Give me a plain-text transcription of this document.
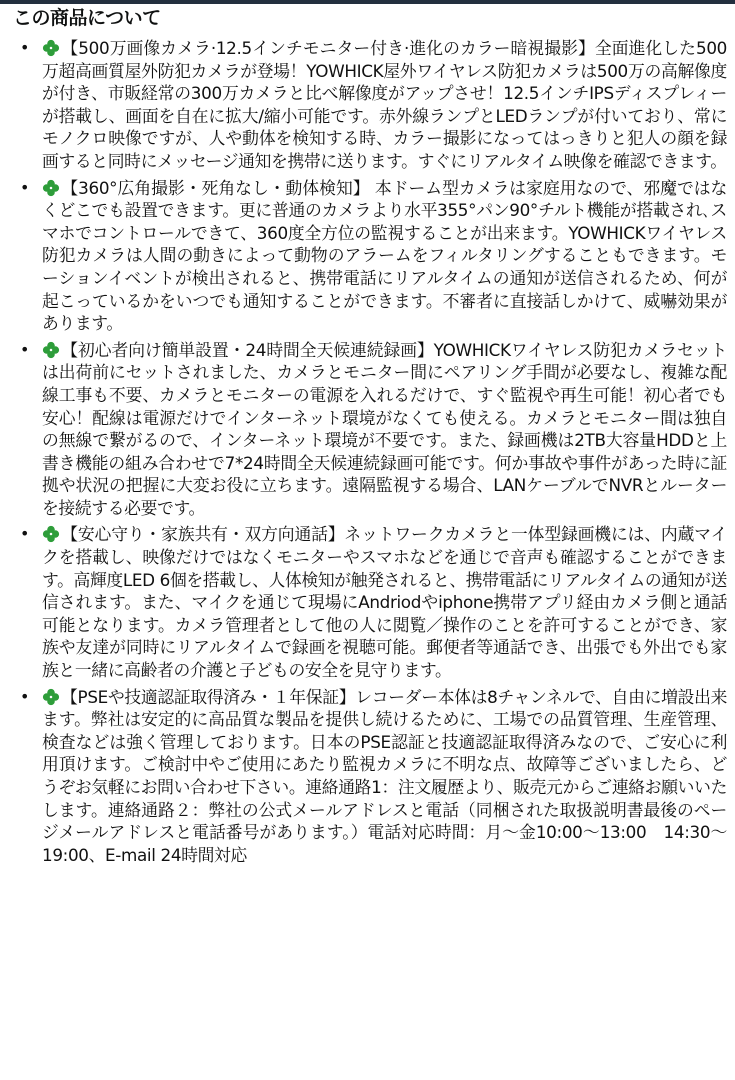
この商品について
• 【500万画像カメラ·12.5インチモニター付き·進化のカラー暗視撮影】全面進化した500万超高画質屋外防犯カメラが登場！YOWHICK屋外ワイヤレス防犯カメラは500万の高解像度が付き、市販経常の300万カメラと比べ解像度がアップさせ！12.5インチIPSディスプレィーが搭載し、画面を自在に拡大/縮小可能です。赤外線ランプとLEDランプが付いており、常にモノクロ映像ですが、人や動体を検知する時、カラー撮影になってはっきりと犯人の顔を録画すると同時にメッセージ通知を携帯に送ります。すぐにリアルタイム映像を確認できます。
• 【360°広角撮影・死角なし・動体検知】 本ドーム型カメラは家庭用なので、邪魔ではなくどこでも設置できます。更に普通のカメラより水平355°パン90°チルト機能が搭載され､スマホでコントロールできて、360度全方位の監視することが出来ます。YOWHICKワイヤレス防犯カメラは人間の動きによって動物のアラームをフィルタリングすることもできます。モーションイベントが検出されると、携帯電話にリアルタイムの通知が送信されるため、何が起こっているかをいつでも通知することができます。不審者に直接話しかけて、威嚇効果があります。
• 【初心者向け簡単設置・24時間全天候連続録画】YOWHICKワイヤレス防犯カメラセットは出荷前にセットされました、カメラとモニター間にペアリング手間が必要なし、複雑な配線工事も不要、カメラとモニターの電源を入れるだけで、すぐ監視や再生可能！初心者でも安心！配線は電源だけでインターネット環境がなくても使える。カメラとモニター間は独自の無線で繋がるので、インターネット環境が不要です。また、録画機は2TB大容量HDDと上書き機能の組み合わせで7*24時間全天候連続録画可能です。何か事故や事件があった時に証拠や状況の把握に大変お役に立ちます。遠隔監視する場合、LANケーブルでNVRとルーターを接続する必要です。
• 【安心守り・家族共有・双方向通話】ネットワークカメラと一体型録画機には、内蔵マイクを搭載し、映像だけではなくモニターやスマホなどを通じで音声も確認することができます。高輝度LED 6個を搭載し、人体検知が触発されると、携帯電話にリアルタイムの通知が送信されます。また、マイクを通じて現場にAndriodやiphone携帯アプリ経由カメラ側と通話可能となります。カメラ管理者として他の人に閲覧／操作のことを許可することができ、家族や友達が同時にリアルタイムで録画を視聴可能。郵便者等通話でき、出張でも外出でも家族と一緒に高齢者の介護と子どもの安全を見守ります。
• 【PSEや技適認証取得済み・１年保証】レコーダー本体は8チャンネルで、自由に増設出来ます。弊社は安定的に高品質な製品を提供し続けるために、工場での品質管理、生産管理、検査などは強く管理しております。日本のPSE認証と技適認証取得済みなので、ご安心に利用頂けます。ご検討中やご使用にあたり監視カメラに不明な点、故障等ございましたら、どうぞお気軽にお問い合わせ下さい。連絡通路1：注文履歴より、販売元からご連絡お願いいたします。連絡通路２：弊社の公式メールアドレスと電話（同梱された取扱説明書最後のページメールアドレスと電話番号があります。）電話対応時間：月～金10:00～13:00　14:30～19:00、E-mail 24時間対応
